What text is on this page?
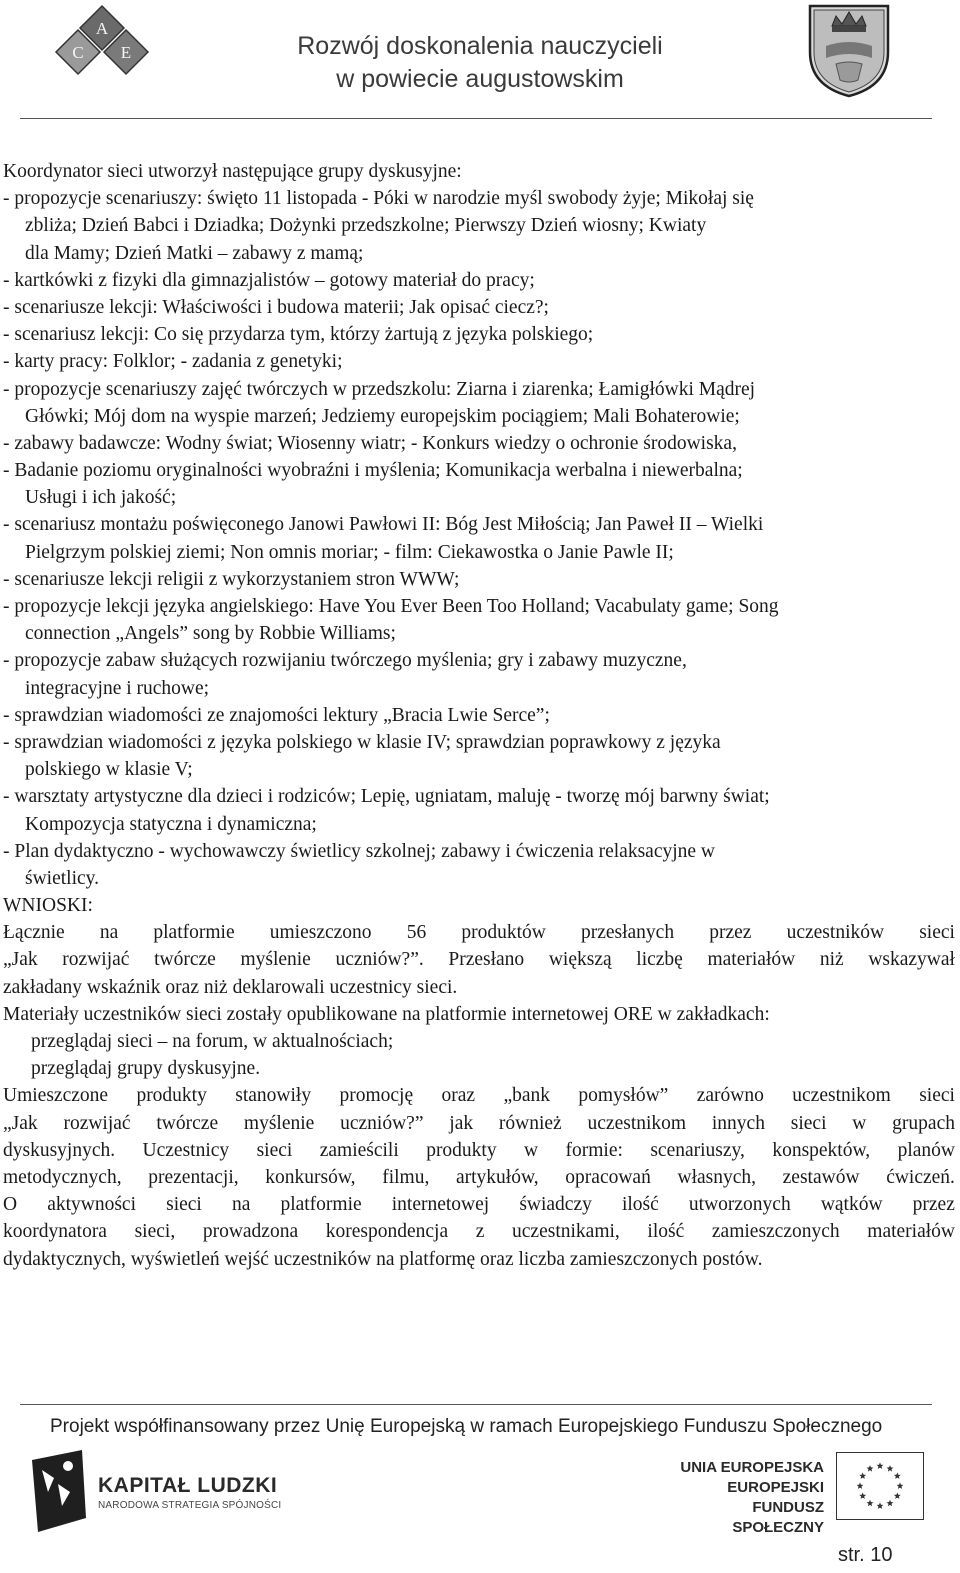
A
C E	Rozwój doskonalenia nauczycieli
w powiecie augustowskim
Koordynator sieci utworzył następujące grupy dyskusyjne:
- propozycje scenariuszy: święto 11 listopada - Póki w narodzie myśl swobody żyje; Mikołaj się
zbliża; Dzień Babci i Dziadka; Dożynki przedszkolne; Pierwszy Dzień wiosny; Kwiaty
dla Mamy; Dzień Matki – zabawy z mamą;
- kartkówki z fizyki dla gimnazjalistów – gotowy materiał do pracy;
- scenariusze lekcji: Właściwości i budowa materii; Jak opisać ciecz?;
- scenariusz lekcji: Co się przydarza tym, którzy żartują z języka polskiego;
- karty pracy: Folklor; - zadania z genetyki;
- propozycje scenariuszy zajęć twórczych w przedszkolu: Ziarna i ziarenka; Łamigłówki Mądrej
Główki; Mój dom na wyspie marzeń; Jedziemy europejskim pociągiem; Mali Bohaterowie;
- zabawy badawcze: Wodny świat; Wiosenny wiatr; - Konkurs wiedzy o ochronie środowiska,
- Badanie poziomu oryginalności wyobraźni i myślenia; Komunikacja werbalna i niewerbalna;
Usługi i ich jakość;
- scenariusz montażu poświęconego Janowi Pawłowi II: Bóg Jest Miłością; Jan Paweł II – Wielki
Pielgrzym polskiej ziemi; Non omnis moriar; - film: Ciekawostka o Janie Pawle II;
- scenariusze lekcji religii z wykorzystaniem stron WWW;
- propozycje lekcji języka angielskiego: Have You Ever Been Too Holland; Vacabulaty game; Song
connection „Angels” song by Robbie Williams;
- propozycje zabaw służących rozwijaniu twórczego myślenia; gry i zabawy muzyczne,
integracyjne i ruchowe;
- sprawdzian wiadomości ze znajomości lektury „Bracia Lwie Serce”;
- sprawdzian wiadomości z języka polskiego w klasie IV; sprawdzian poprawkowy z języka
polskiego w klasie V;
- warsztaty artystyczne dla dzieci i rodziców; Lepię, ugniatam, maluję - tworzę mój barwny świat;
Kompozycja statyczna i dynamiczna;
- Plan dydaktyczno - wychowawczy świetlicy szkolnej; zabawy i ćwiczenia relaksacyjne w
świetlicy.
WNIOSKI:
Łącznie na platformie umieszczono 56 produktów przesłanych przez uczestników sieci
„Jak rozwijać twórcze myślenie uczniów?”. Przesłano większą liczbę materiałów niż wskazywał
zakładany wskaźnik oraz niż deklarowali uczestnicy sieci.
Materiały uczestników sieci zostały opublikowane na platformie internetowej ORE w zakładkach:
przeglądaj sieci – na forum, w aktualnościach;
przeglądaj grupy dyskusyjne.
Umieszczone produkty stanowiły promocję oraz „bank pomysłów” zarówno uczestnikom sieci
„Jak rozwijać twórcze myślenie uczniów?” jak również uczestnikom innych sieci w grupach
dyskusyjnych. Uczestnicy sieci zamieścili produkty w formie: scenariuszy, konspektów, planów
metodycznych, prezentacji, konkursów, filmu, artykułów, opracowań własnych, zestawów ćwiczeń.
O aktywności sieci na platformie internetowej świadczy ilość utworzonych wątków przez
koordynatora sieci, prowadzona korespondencja z uczestnikami, ilość zamieszczonych materiałów
dydaktycznych, wyświetleń wejść uczestników na platformę oraz liczba zamieszczonych postów.
Projekt współfinansowany przez Unię Europejską w ramach Europejskiego Funduszu Społecznego
KAPITAŁ LUDZKI
NARODOWA STRATEGIA SPÓJNOŚCI
UNIA EUROPEJSKA
EUROPEJSKI
FUNDUSZ SPOŁECZNY
str. 10
